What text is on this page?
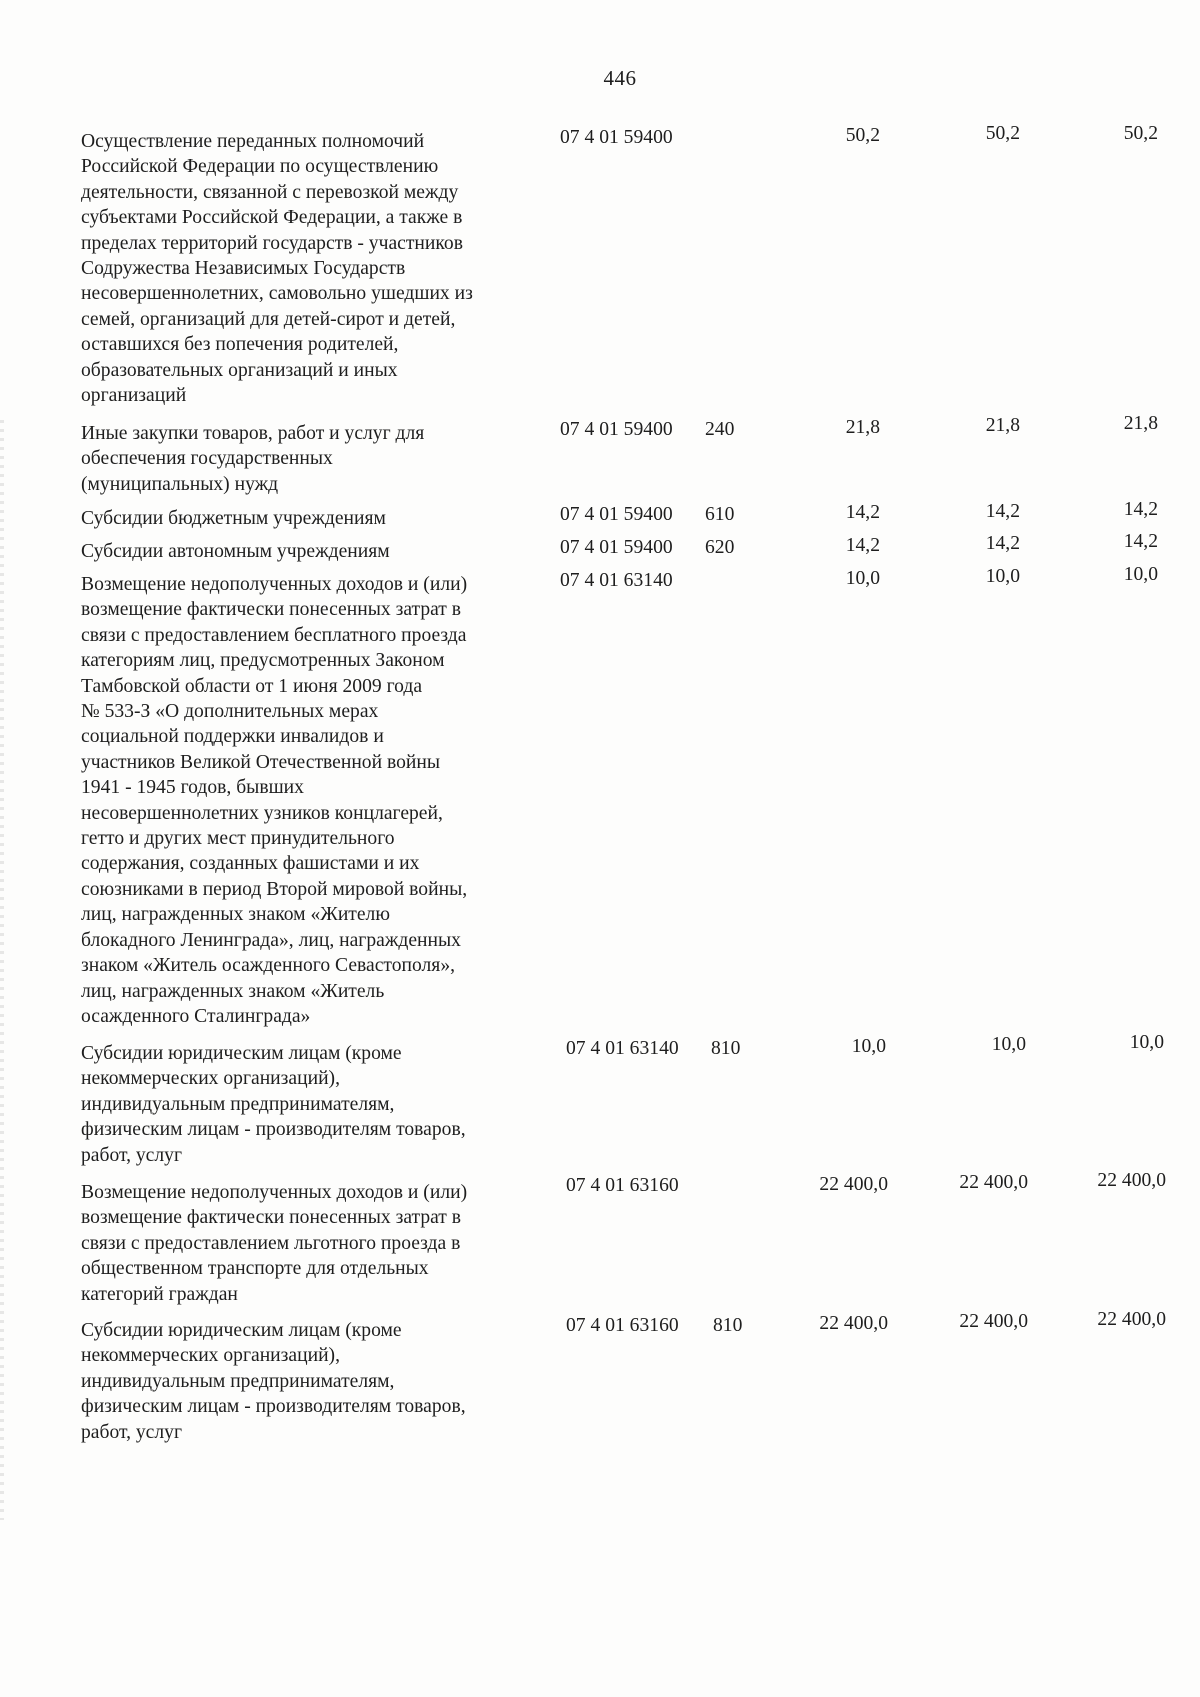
446
Осуществление переданных полномочий
Российской Федерации по осуществлению
деятельности, связанной с перевозкой между
субъектами Российской Федерации, а также в
пределах территорий государств - участников
Содружества Независимых Государств
несовершеннолетних, самовольно ушедших из
семей, организаций для детей-сирот и детей,
оставшихся без попечения родителей,
образовательных организаций и иных
организаций
07 4 01 59400	50,2	50,2	50,2
Иные закупки товаров, работ и услуг для
обеспечения государственных
(муниципальных) нужд
07 4 01 59400 240	21,8	21,8	21,8
Субсидии бюджетным учреждениям	07 4 01 59400 610	14,2	14,2	14,2
Субсидии автономным учреждениям	07 4 01 59400 620	14,2	14,2	14,2
Возмещение недополученных доходов и (или)
возмещение фактически понесенных затрат в
связи с предоставлением бесплатного проезда
категориям лиц, предусмотренных Законом
Тамбовской области от 1 июня 2009 года
№ 533-З «О дополнительных мерах
социальной поддержки инвалидов и
участников Великой Отечественной войны
1941 - 1945 годов, бывших
несовершеннолетних узников концлагерей,
гетто и других мест принудительного
содержания, созданных фашистами и их
союзниками в период Второй мировой войны,
лиц, награжденных знаком «Жителю
блокадного Ленинграда», лиц, награжденных
знаком «Житель осажденного Севастополя»,
лиц, награжденных знаком «Житель
осажденного Сталинграда»
07 4 01 63140	10,0	10,0	10,0
Субсидии юридическим лицам (кроме
некоммерческих организаций),
индивидуальным предпринимателям,
физическим лицам - производителям товаров,
работ, услуг
07 4 01 63140 810	10,0	10,0	10,0
Возмещение недополученных доходов и (или)
возмещение фактически понесенных затрат в
связи с предоставлением льготного проезда в
общественном транспорте для отдельных
категорий граждан
07 4 01 63160	22 400,0	22 400,0	22 400,0
Субсидии юридическим лицам (кроме
некоммерческих организаций),
индивидуальным предпринимателям,
физическим лицам - производителям товаров,
работ, услуг
07 4 01 63160 810	22 400,0	22 400,0	22 400,0
